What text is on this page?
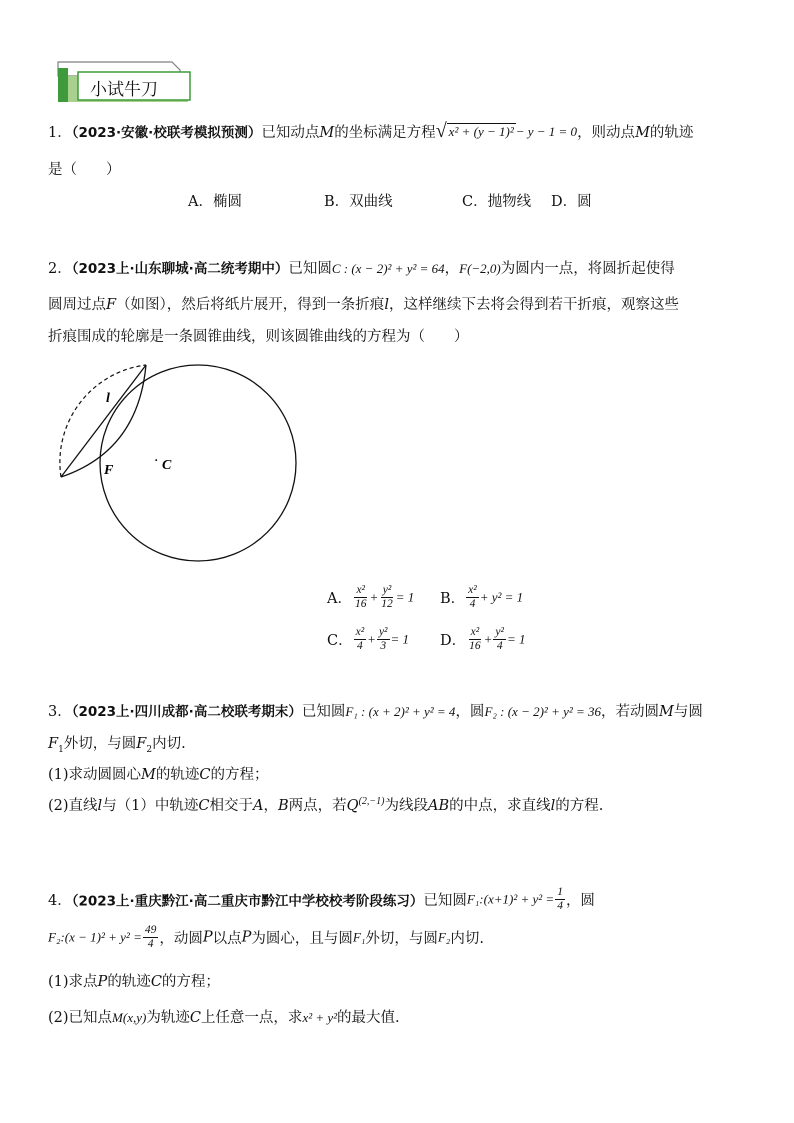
小试牛刀
1．（2023·安徽·校联考模拟预测）已知动点M的坐标满足方程 √ x² + (y − 1)² − y − 1 = 0 ，则动点M的轨迹
是（　　）
A．椭圆	B．双曲线	C．抛物线 D．圆
2．（2023上·山东聊城·高二统考期中）已知圆C : (x − 2)² + y² = 64，F(−2,0)为圆内一点，将圆折起使得
圆周过点F（如图），然后将纸片展开，得到一条折痕l，这样继续下去将会得到若干折痕，观察这些
折痕围成的轮廓是一条圆锥曲线，则该圆锥曲线的方程为（　　）
l
F
· C
A． $\frac{\text{x²}}{16} + \frac{\text{y²}}{12} = 1$ B． $\frac{\text{x²}}{4} + y^2 = 1$
C． $\frac{\text{x²}}{4} + \frac{\text{y²}}{3} = 1$ D． $\frac{\text{x²}}{16} + \frac{\text{y²}}{4} = 1$
3．（2023上·四川成都·高二校联考期末）已知圆F₁ : (x + 2)² + y² = 4，圆F₂ : (x − 2)² + y² = 36，若动圆M与圆
$F_1$外切，与圆$F_2$内切.
(1)求动圆圆心M的轨迹C的方程；
(2)直线l与（1）中轨迹C相交于A，B两点，若$Q^{(2,-1)}$为线段AB的中点，求直线l的方程.
4．（2023上·重庆黔江·高二重庆市黔江中学校校考阶段练习）已知圆F₁:(x+1)² + $y^2 = \frac{1}{4}$ ，圆
F₂:(x − $1)^2 + y^2 = \frac{49}{4}$ ，动圆P以点P为圆心，且与圆F₁外切，与圆F₂内切.
(1)求点P的轨迹C的方程；
(2)已知点M(x,y)为轨迹C上任意一点，求x² + y²的最大值.
